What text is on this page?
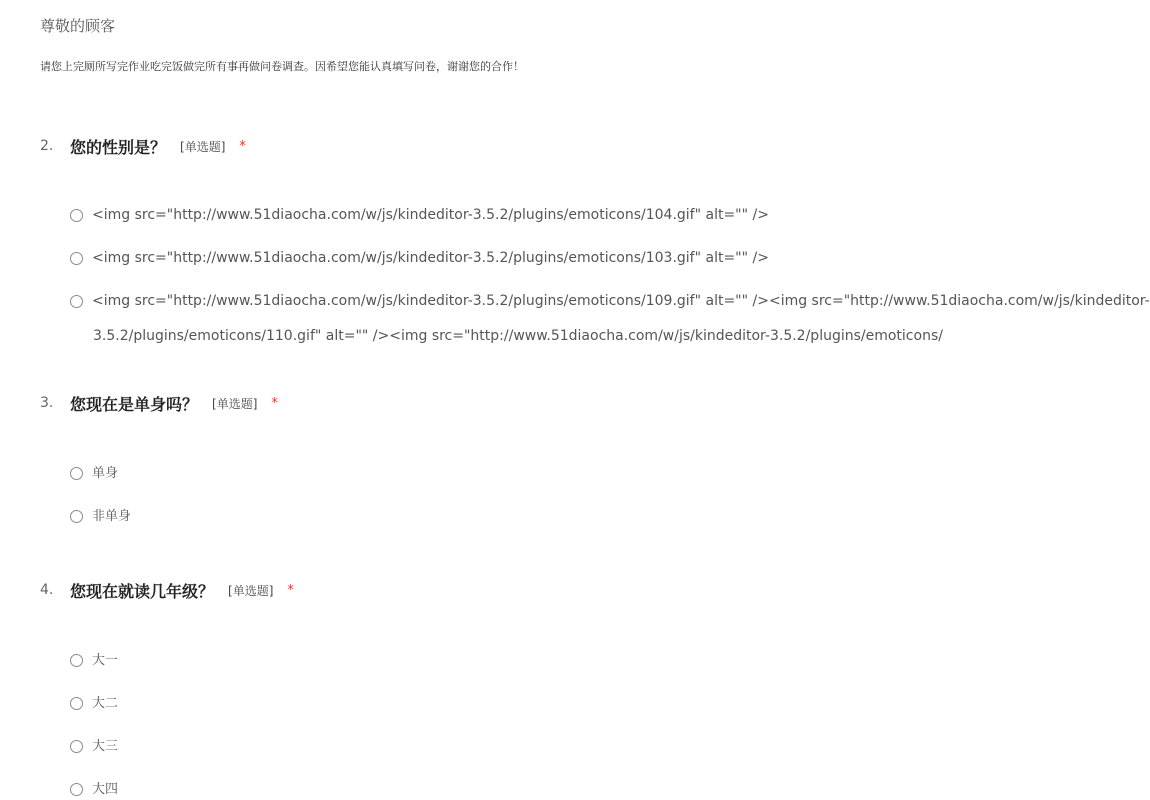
尊敬的顾客

请您上完厕所写完作业吃完饭做完所有事再做问卷调查。因希望您能认真填写问卷，谢谢您的合作！

2.	您的性别是？ [单选题] *
<img src="http://www.51diaocha.com/w/js/kindeditor-3.5.2/plugins/emoticons/104.gif" alt="" />
<img src="http://www.51diaocha.com/w/js/kindeditor-3.5.2/plugins/emoticons/103.gif" alt="" />
<img src="http://www.51diaocha.com/w/js/kindeditor-3.5.2/plugins/emoticons/109.gif" alt="" /><img src="http://www.51diaocha.com/w/js/kindeditor-
3.5.2/plugins/emoticons/110.gif" alt="" /><img src="http://www.51diaocha.com/w/js/kindeditor-3.5.2/plugins/emoticons/
3.	您现在是单身吗？ [单选题] *
单身
非单身
4.	您现在就读几年级？ [单选题] *
大一
大二
大三
大四
